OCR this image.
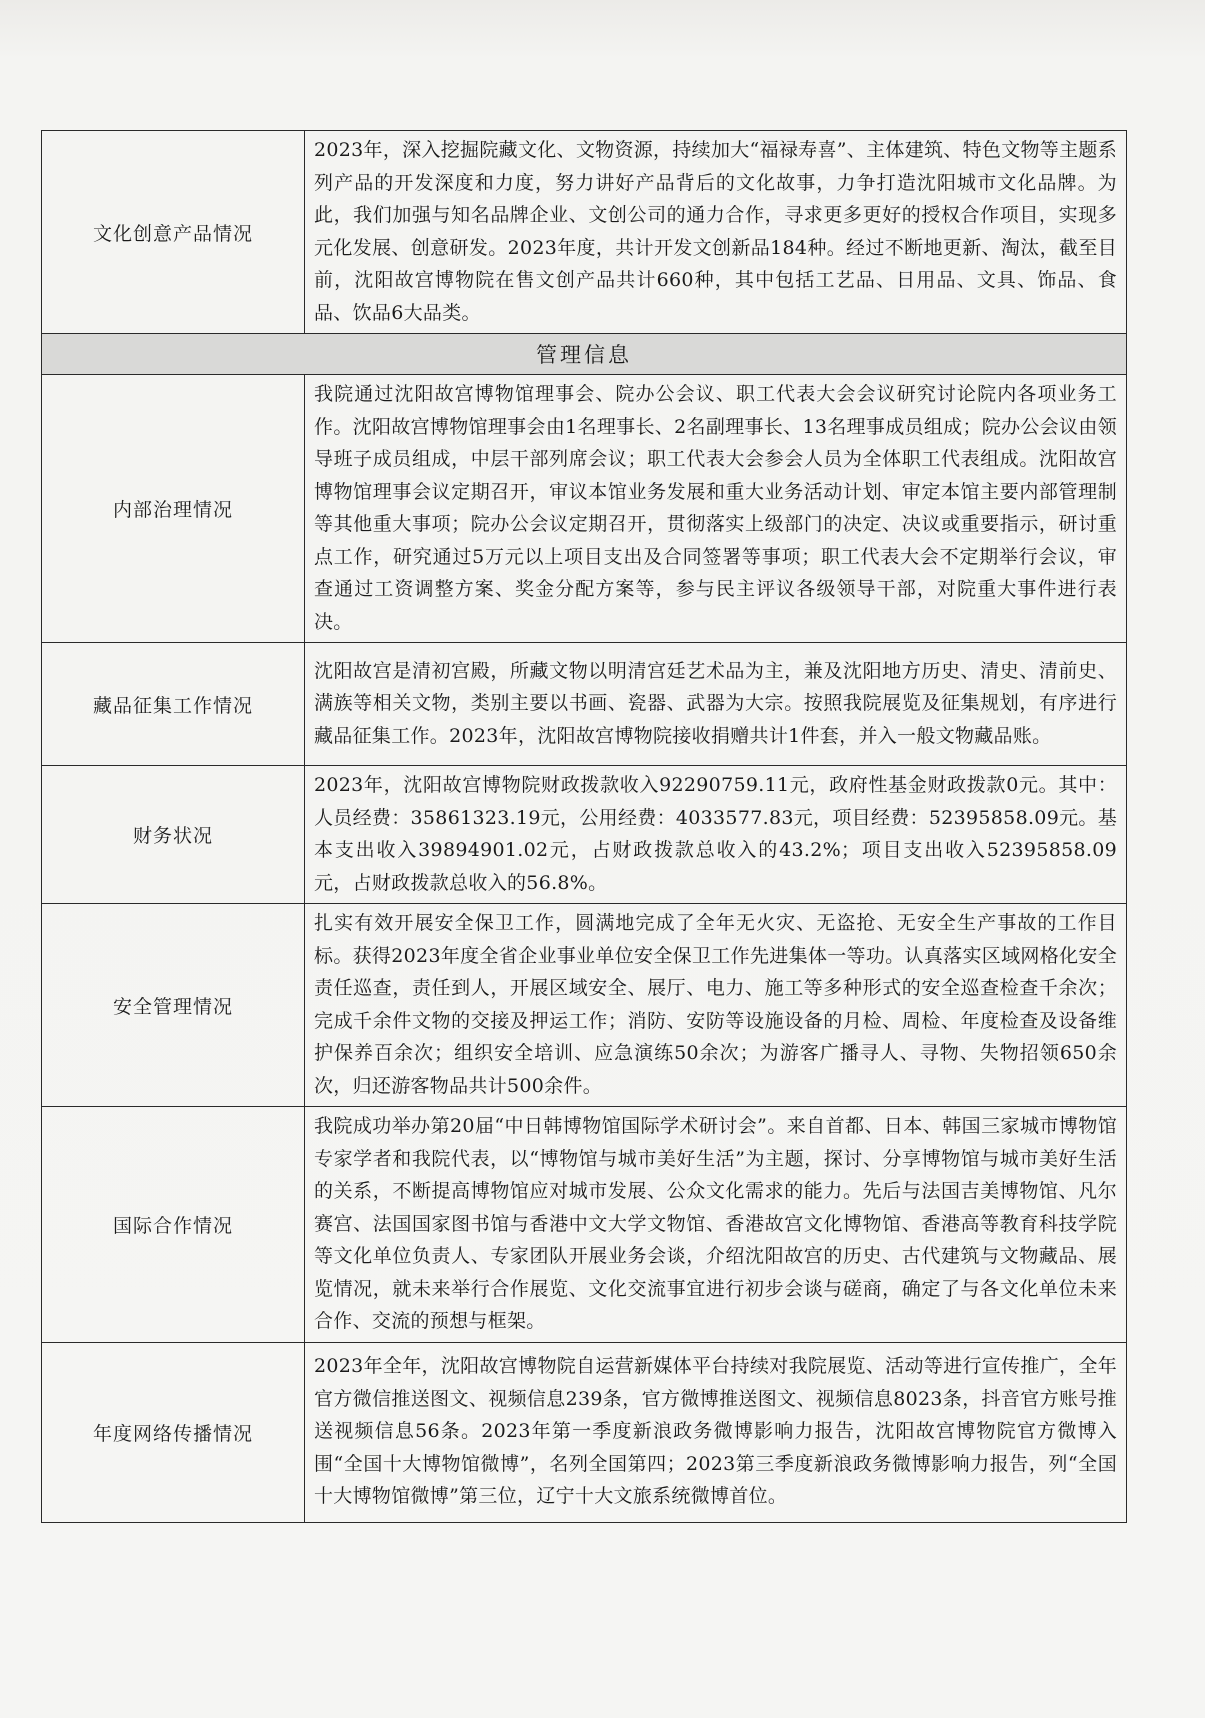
文化创意产品情况	2023年，深入挖掘院藏文化、文物资源，持续加大“福禄寿喜”、主体建筑、特色文物等主题系列产品的开发深度和力度，努力讲好产品背后的文化故事，力争打造沈阳城市文化品牌。为此，我们加强与知名品牌企业、文创公司的通力合作，寻求更多更好的授权合作项目，实现多元化发展、创意研发。2023年度，共计开发文创新品184种。经过不断地更新、淘汰，截至目前，沈阳故宫博物院在售文创产品共计660种，其中包括工艺品、日用品、文具、饰品、食品、饮品6大品类。
管理信息	
内部治理情况	我院通过沈阳故宫博物馆理事会、院办公会议、职工代表大会会议研究讨论院内各项业务工作。沈阳故宫博物馆理事会由1名理事长、2名副理事长、13名理事成员组成；院办公会议由领导班子成员组成，中层干部列席会议；职工代表大会参会人员为全体职工代表组成。沈阳故宫博物馆理事会议定期召开，审议本馆业务发展和重大业务活动计划、审定本馆主要内部管理制等其他重大事项；院办公会议定期召开，贯彻落实上级部门的决定、决议或重要指示，研讨重点工作，研究通过5万元以上项目支出及合同签署等事项；职工代表大会不定期举行会议，审查通过工资调整方案、奖金分配方案等，参与民主评议各级领导干部，对院重大事件进行表决。
藏品征集工作情况	沈阳故宫是清初宫殿，所藏文物以明清宫廷艺术品为主，兼及沈阳地方历史、清史、清前史、满族等相关文物，类别主要以书画、瓷器、武器为大宗。按照我院展览及征集规划，有序进行藏品征集工作。2023年，沈阳故宫博物院接收捐赠共计1件套，并入一般文物藏品账。
财务状况	2023年，沈阳故宫博物院财政拨款收入92290759.11元，政府性基金财政拨款0元。其中：人员经费：35861323.19元，公用经费：4033577.83元，项目经费：52395858.09元。基本支出收入39894901.02元，占财政拨款总收入的43.2%；项目支出收入52395858.09元，占财政拨款总收入的56.8%。
安全管理情况	扎实有效开展安全保卫工作，圆满地完成了全年无火灾、无盗抢、无安全生产事故的工作目标。获得2023年度全省企业事业单位安全保卫工作先进集体一等功。认真落实区域网格化安全责任巡查，责任到人，开展区域安全、展厅、电力、施工等多种形式的安全巡查检查千余次；完成千余件文物的交接及押运工作；消防、安防等设施设备的月检、周检、年度检查及设备维护保养百余次；组织安全培训、应急演练50余次；为游客广播寻人、寻物、失物招领650余次，归还游客物品共计500余件。
国际合作情况	我院成功举办第20届“中日韩博物馆国际学术研讨会”。来自首都、日本、韩国三家城市博物馆专家学者和我院代表，以“博物馆与城市美好生活”为主题，探讨、分享博物馆与城市美好生活的关系，不断提高博物馆应对城市发展、公众文化需求的能力。先后与法国吉美博物馆、凡尔赛宫、法国国家图书馆与香港中文大学文物馆、香港故宫文化博物馆、香港高等教育科技学院等文化单位负责人、专家团队开展业务会谈，介绍沈阳故宫的历史、古代建筑与文物藏品、展览情况，就未来举行合作展览、文化交流事宜进行初步会谈与磋商，确定了与各文化单位未来合作、交流的预想与框架。
年度网络传播情况	2023年全年，沈阳故宫博物院自运营新媒体平台持续对我院展览、活动等进行宣传推广，全年官方微信推送图文、视频信息239条，官方微博推送图文、视频信息8023条，抖音官方账号推送视频信息56条。2023年第一季度新浪政务微博影响力报告，沈阳故宫博物院官方微博入围“全国十大博物馆微博”，名列全国第四；2023第三季度新浪政务微博影响力报告，列“全国十大博物馆微博”第三位，辽宁十大文旅系统微博首位。
